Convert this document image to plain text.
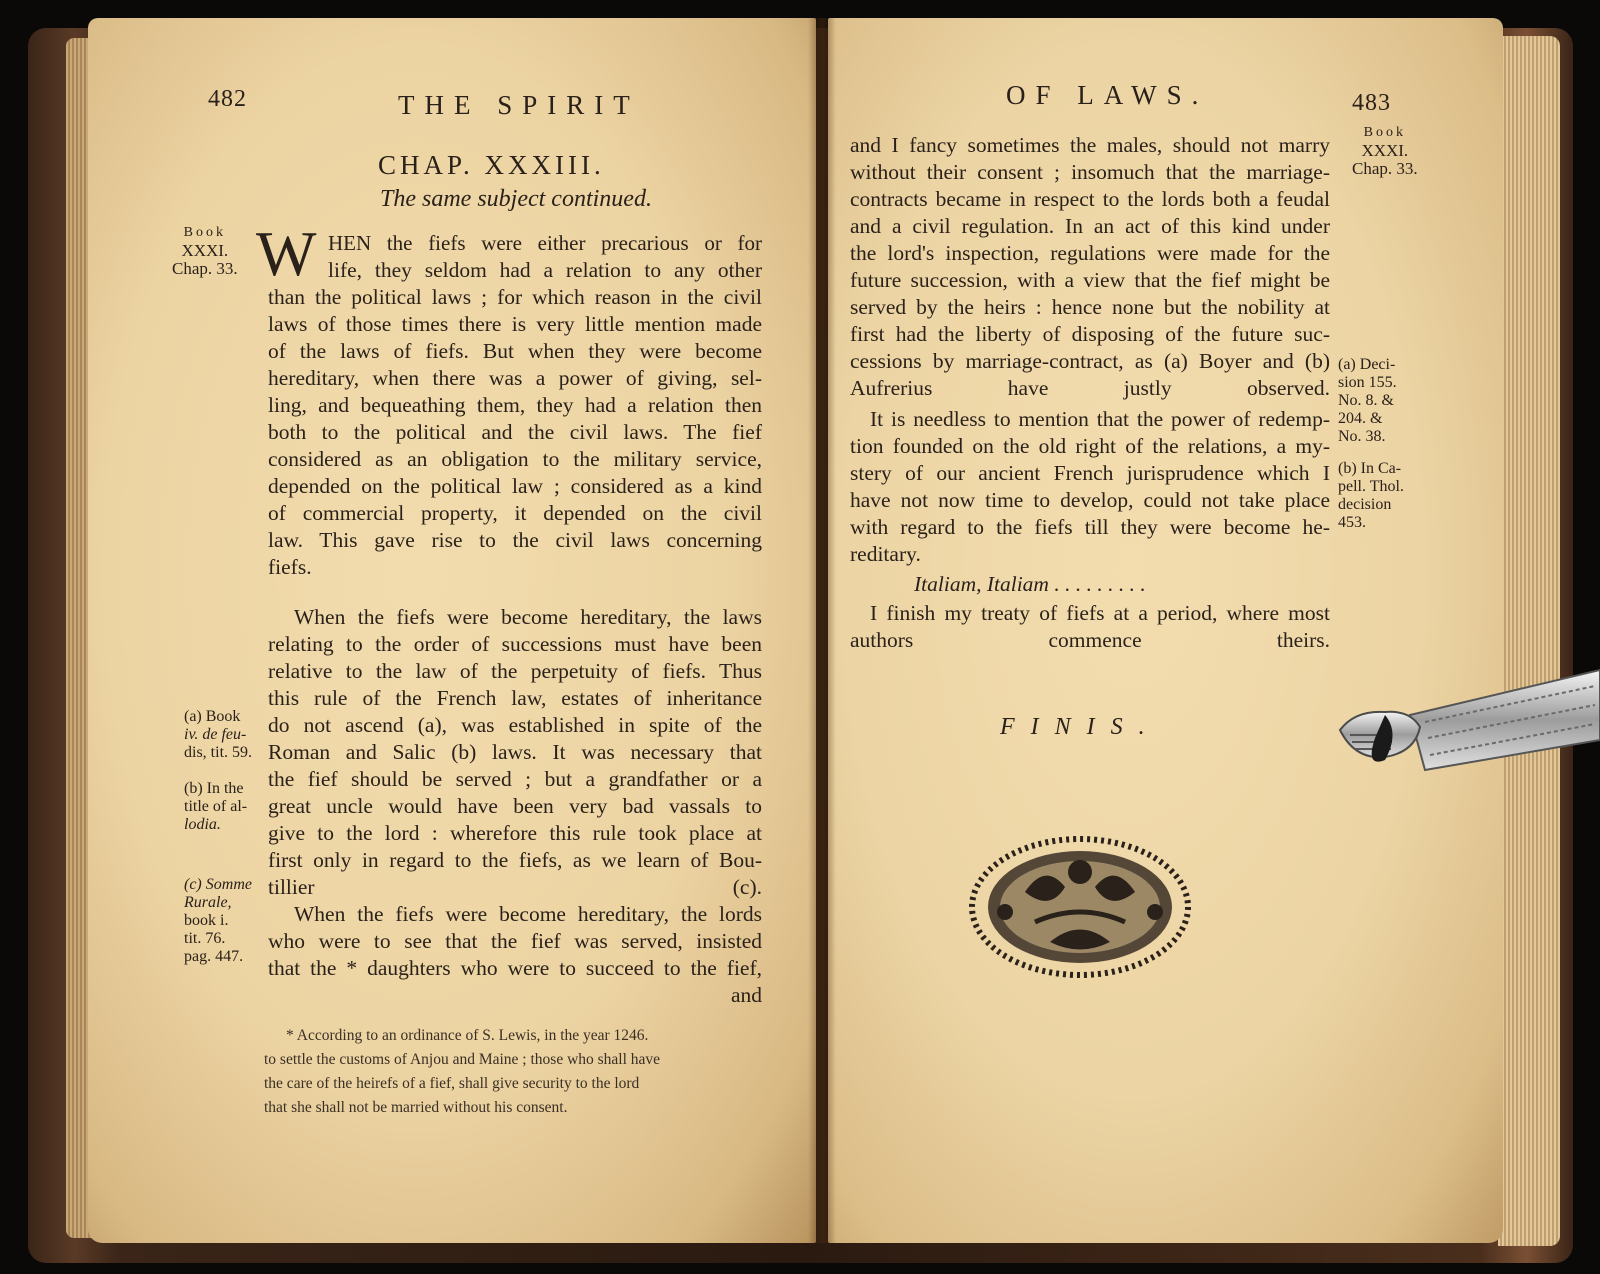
482	THE SPIRIT
CHAP. XXXIII.
The same subject continued.
Book
XXXI.
Chap. 33. W HEN the fiefs were either precarious or for
life, they seldom had a relation to any other
than the political laws ; for which reason in the civil
laws of those times there is very little mention made
of the laws of fiefs. But when they were become
hereditary, when there was a power of giving, sel-
ling, and bequeathing them, they had a relation then
both to the political and the civil laws. The fief
considered as an obligation to the military service,
depended on the political law ; considered as a kind
of commercial property, it depended on the civil
law. This gave rise to the civil laws concerning
fiefs.
When the fiefs were become hereditary, the laws
relating to the order of successions must have been
relative to the law of the perpetuity of fiefs. Thus
this rule of the French law, estates of inheritance
do not ascend (a), was established in spite of the
Roman and Salic (b) laws. It was necessary that
the fief should be served ; but a grandfather or a
great uncle would have been very bad vassals to
give to the lord : wherefore this rule took place at
first only in regard to the fiefs, as we learn of Bou-
tillier (c).
When the fiefs were become hereditary, the lords
who were to see that the fief was served, insisted
that the * daughters who were to succeed to the fief,
and
(a) Book
iv. de feu-
dis, tit. 59.
(b) In the
title of al-
lodia.
(c) Somme
Rurale,
book i.
tit. 76.
pag. 447.
* According to an ordinance of S. Lewis, in the year 1246.
to settle the customs of Anjou and Maine ; those who shall have
the care of the heirefs of a fief, shall give security to the lord
that she shall not be married without his consent.
OF LAWS.	483
Book
XXXI.
Chap. 33.
and I fancy sometimes the males, should not marry
without their consent ; insomuch that the marriage-
contracts became in respect to the lords both a feudal
and a civil regulation. In an act of this kind under
the lord's inspection, regulations were made for the
future succession, with a view that the fief might be
served by the heirs : hence none but the nobility at
first had the liberty of disposing of the future suc-
cessions by marriage-contract, as (a) Boyer and (b)
Aufrerius have justly observed.
It is needless to mention that the power of redemp-
tion founded on the old right of the relations, a my-
stery of our ancient French jurisprudence which I
have not now time to develop, could not take place
with regard to the fiefs till they were become he-
reditary.
Italiam, Italiam . . . . . . . . .
I finish my treaty of fiefs at a period, where most
authors commence theirs.
(a) Deci-
sion 155.
No. 8. &
204. &
No. 38.
(b) In Ca-
pell. Thol.
decision
453.
FINIS.
